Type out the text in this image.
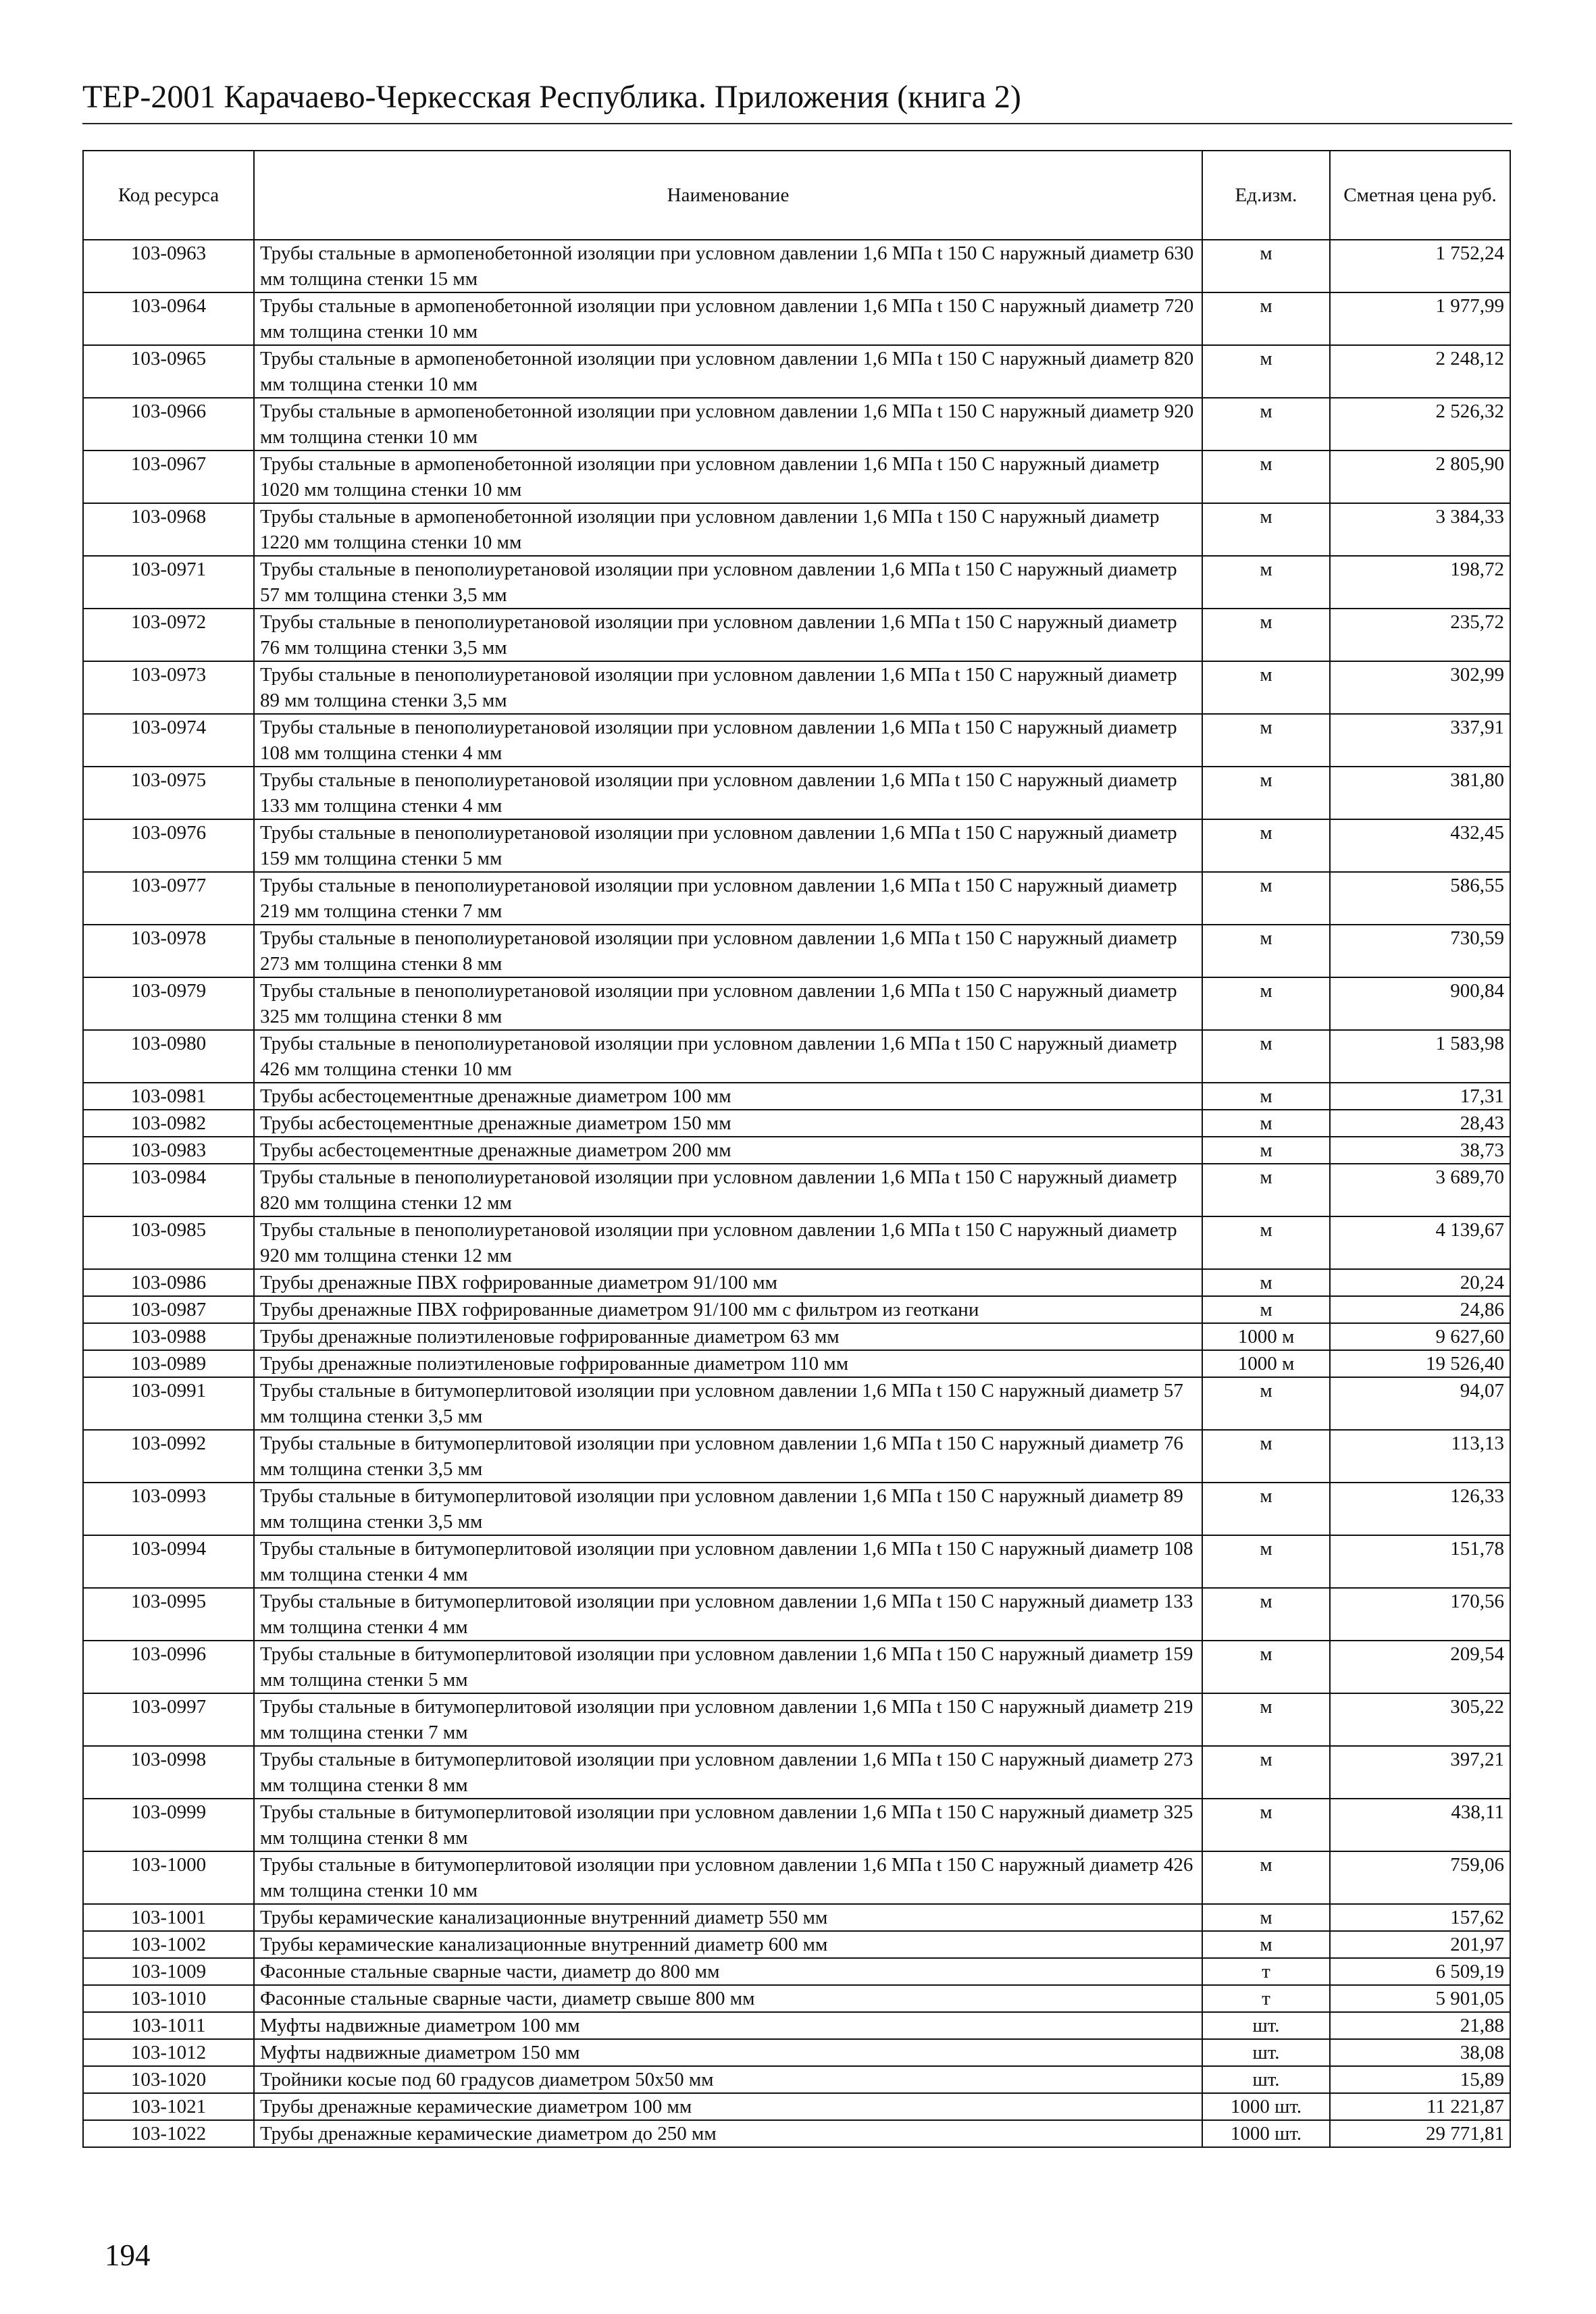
ТЕР-2001 Карачаево-Черкесская Республика. Приложения (книга 2)
Код ресурса	Наименование	Ед.изм.	Сметная цена руб.
103-0963	Трубы стальные в армопенобетонной изоляции при условном давлении 1,6 МПа t 150 С наружный диаметр 630 мм толщина стенки 15 мм	м	1 752,24
103-0964	Трубы стальные в армопенобетонной изоляции при условном давлении 1,6 МПа t 150 С наружный диаметр 720 мм толщина стенки 10 мм	м	1 977,99
103-0965	Трубы стальные в армопенобетонной изоляции при условном давлении 1,6 МПа t 150 С наружный диаметр 820 мм толщина стенки 10 мм	м	2 248,12
103-0966	Трубы стальные в армопенобетонной изоляции при условном давлении 1,6 МПа t 150 С наружный диаметр 920 мм толщина стенки 10 мм	м	2 526,32
103-0967	Трубы стальные в армопенобетонной изоляции при условном давлении 1,6 МПа t 150 С наружный диаметр 1020 мм толщина стенки 10 мм	м	2 805,90
103-0968	Трубы стальные в армопенобетонной изоляции при условном давлении 1,6 МПа t 150 С наружный диаметр 1220 мм толщина стенки 10 мм	м	3 384,33
103-0971	Трубы стальные в пенополиуретановой изоляции при условном давлении 1,6 МПа t 150 С наружный диаметр 57 мм толщина стенки 3,5 мм	м	198,72
103-0972	Трубы стальные в пенополиуретановой изоляции при условном давлении 1,6 МПа t 150 С наружный диаметр 76 мм толщина стенки 3,5 мм	м	235,72
103-0973	Трубы стальные в пенополиуретановой изоляции при условном давлении 1,6 МПа t 150 С наружный диаметр 89 мм толщина стенки 3,5 мм	м	302,99
103-0974	Трубы стальные в пенополиуретановой изоляции при условном давлении 1,6 МПа t 150 С наружный диаметр 108 мм толщина стенки 4 мм	м	337,91
103-0975	Трубы стальные в пенополиуретановой изоляции при условном давлении 1,6 МПа t 150 С наружный диаметр 133 мм толщина стенки 4 мм	м	381,80
103-0976	Трубы стальные в пенополиуретановой изоляции при условном давлении 1,6 МПа t 150 С наружный диаметр 159 мм толщина стенки 5 мм	м	432,45
103-0977	Трубы стальные в пенополиуретановой изоляции при условном давлении 1,6 МПа t 150 С наружный диаметр 219 мм толщина стенки 7 мм	м	586,55
103-0978	Трубы стальные в пенополиуретановой изоляции при условном давлении 1,6 МПа t 150 С наружный диаметр 273 мм толщина стенки 8 мм	м	730,59
103-0979	Трубы стальные в пенополиуретановой изоляции при условном давлении 1,6 МПа t 150 С наружный диаметр 325 мм толщина стенки 8 мм	м	900,84
103-0980	Трубы стальные в пенополиуретановой изоляции при условном давлении 1,6 МПа t 150 С наружный диаметр 426 мм толщина стенки 10 мм	м	1 583,98
103-0981	Трубы асбестоцементные дренажные диаметром 100 мм	м	17,31
103-0982	Трубы асбестоцементные дренажные диаметром 150 мм	м	28,43
103-0983	Трубы асбестоцементные дренажные диаметром 200 мм	м	38,73
103-0984	Трубы стальные в пенополиуретановой изоляции при условном давлении 1,6 МПа t 150 С наружный диаметр 820 мм толщина стенки 12 мм	м	3 689,70
103-0985	Трубы стальные в пенополиуретановой изоляции при условном давлении 1,6 МПа t 150 С наружный диаметр 920 мм толщина стенки 12 мм	м	4 139,67
103-0986	Трубы дренажные ПВХ гофрированные диаметром 91/100 мм	м	20,24
103-0987	Трубы дренажные ПВХ гофрированные диаметром 91/100 мм с фильтром из геоткани	м	24,86
103-0988	Трубы дренажные полиэтиленовые гофрированные диаметром 63 мм	1000 м	9 627,60
103-0989	Трубы дренажные полиэтиленовые гофрированные диаметром 110 мм	1000 м	19 526,40
103-0991	Трубы стальные в битумоперлитовой изоляции при условном давлении 1,6 МПа t 150 С наружный диаметр 57 мм толщина стенки 3,5 мм	м	94,07
103-0992	Трубы стальные в битумоперлитовой изоляции при условном давлении 1,6 МПа t 150 С наружный диаметр 76 мм толщина стенки 3,5 мм	м	113,13
103-0993	Трубы стальные в битумоперлитовой изоляции при условном давлении 1,6 МПа t 150 С наружный диаметр 89 мм толщина стенки 3,5 мм	м	126,33
103-0994	Трубы стальные в битумоперлитовой изоляции при условном давлении 1,6 МПа t 150 С наружный диаметр 108 мм толщина стенки 4 мм	м	151,78
103-0995	Трубы стальные в битумоперлитовой изоляции при условном давлении 1,6 МПа t 150 С наружный диаметр 133 мм толщина стенки 4 мм	м	170,56
103-0996	Трубы стальные в битумоперлитовой изоляции при условном давлении 1,6 МПа t 150 С наружный диаметр 159 мм толщина стенки 5 мм	м	209,54
103-0997	Трубы стальные в битумоперлитовой изоляции при условном давлении 1,6 МПа t 150 С наружный диаметр 219 мм толщина стенки 7 мм	м	305,22
103-0998	Трубы стальные в битумоперлитовой изоляции при условном давлении 1,6 МПа t 150 С наружный диаметр 273 мм толщина стенки 8 мм	м	397,21
103-0999	Трубы стальные в битумоперлитовой изоляции при условном давлении 1,6 МПа t 150 С наружный диаметр 325 мм толщина стенки 8 мм	м	438,11
103-1000	Трубы стальные в битумоперлитовой изоляции при условном давлении 1,6 МПа t 150 С наружный диаметр 426 мм толщина стенки 10 мм	м	759,06
103-1001	Трубы керамические канализационные внутренний диаметр 550 мм	м	157,62
103-1002	Трубы керамические канализационные внутренний диаметр 600 мм	м	201,97
103-1009	Фасонные стальные сварные части, диаметр до 800 мм	т	6 509,19
103-1010	Фасонные стальные сварные части, диаметр свыше 800 мм	т	5 901,05
103-1011	Муфты надвижные диаметром 100 мм	шт.	21,88
103-1012	Муфты надвижные диаметром 150 мм	шт.	38,08
103-1020	Тройники косые под 60 градусов диаметром 50х50 мм	шт.	15,89
103-1021	Трубы дренажные керамические диаметром 100 мм	1000 шт.	11 221,87
103-1022	Трубы дренажные керамические диаметром до 250 мм	1000 шт.	29 771,81
194
